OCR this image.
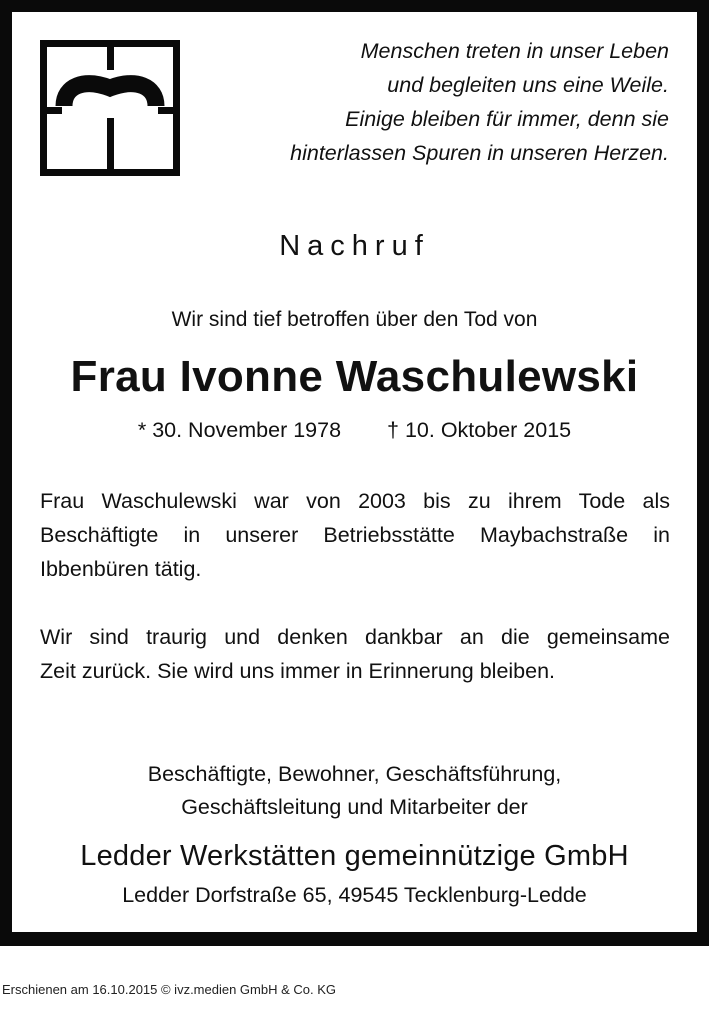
Menschen treten in unser Leben
und begleiten uns eine Weile.
Einige bleiben für immer, denn sie
hinterlassen Spuren in unseren Herzen.
Nachruf
Wir sind tief betroffen über den Tod von
Frau Ivonne Waschulewski
* 30. November 1978 † 10. Oktober 2015
Frau Waschulewski war von 2003 bis zu ihrem Tode als
Beschäftigte in unserer Betriebsstätte Maybachstraße in
Ibbenbüren tätig.
Wir sind traurig und denken dankbar an die gemeinsame
Zeit zurück. Sie wird uns immer in Erinnerung bleiben.
Beschäftigte, Bewohner, Geschäftsführung,
Geschäftsleitung und Mitarbeiter der
Ledder Werkstätten gemeinnützige GmbH
Ledder Dorfstraße 65, 49545 Tecklenburg-Ledde
Erschienen am 16.10.2015 © ivz.medien GmbH & Co. KG
